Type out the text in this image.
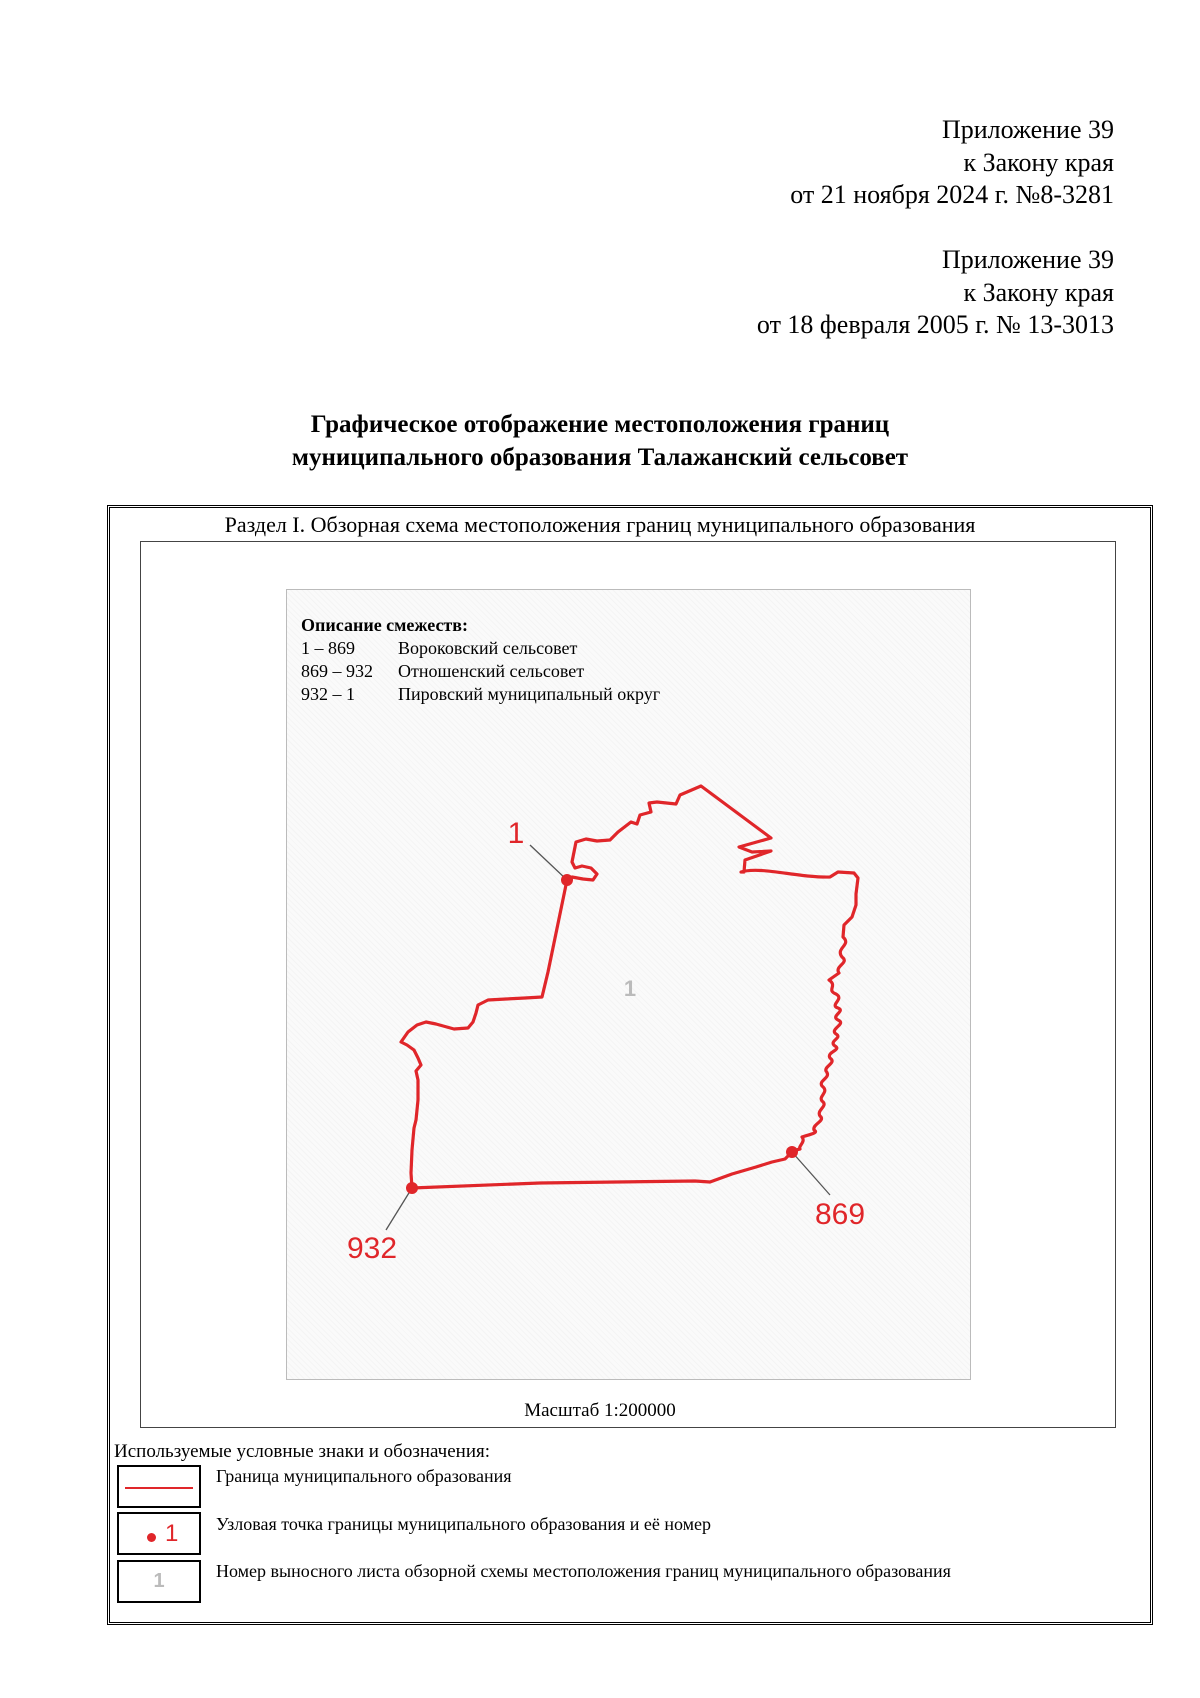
Приложение 39
к Закону края
от 21 ноября 2024 г. №8-3281
Приложение 39
к Закону края
от 18 февраля 2005 г. № 13-3013
Графическое отображение местоположения границ
муниципального образования Талажанский сельсовет
Раздел I. Обзорная схема местоположения границ муниципального образования
Описание смежеств:
1 – 869	Вороковский сельсовет
869 – 932	Отношенский сельсовет
932 – 1	Пировский муниципальный округ
1
869
932
1
Масштаб 1:200000
Используемые условные знаки и обозначения:
Граница муниципального образования
1 Узловая точка границы муниципального образования и её номер
1	Номер выносного листа обзорной схемы местоположения границ муниципального образования
